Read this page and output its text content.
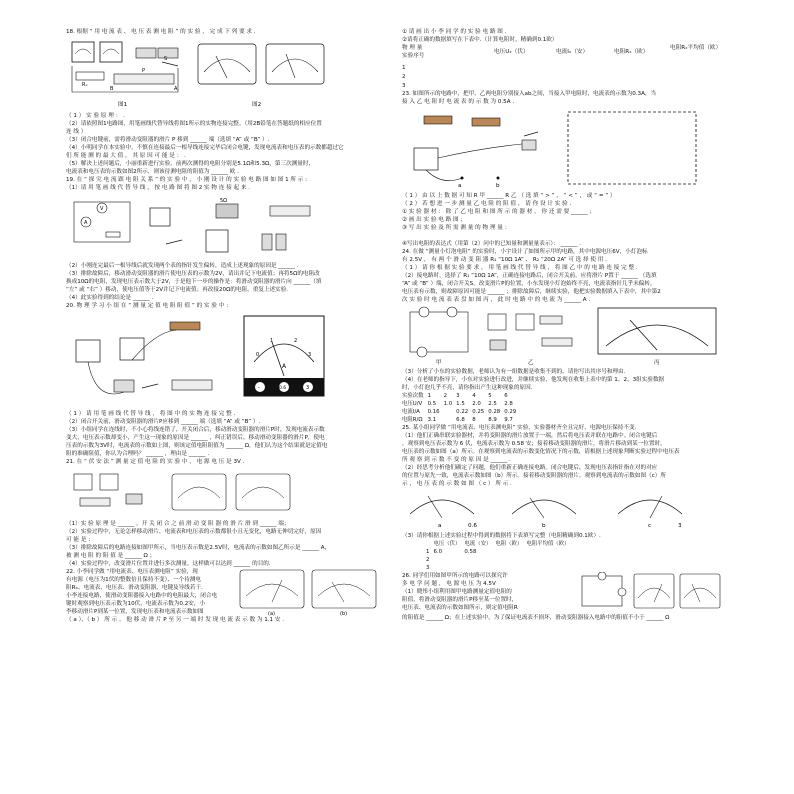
18. 根据 “ 用 电 流 表 、 电 压 表 测 电 阻 ” 的 实 验 ， 完 成 下 列 要 求 .
S
P
B	A
Rₓ
图1	图2
（ 1 ） 实 验 原 理 ： .
（2）请依照图1电路图，用笔画线代替导线将图1所示的实物连接完整。（用2B铅笔在答题纸的相应位置
连 线 ）
（3）闭合电键前，需将滑动变阻器的滑片 P 移到 ______ 端（选填 “A” 或 “B” ）.
（4）小明同学在本实验中，不慎在连接最后一根导线连接完毕后闭合电键，发现电流表和电压表的示数都超过它
们 所 能 测 的 最 大 值 ， 其 原 因 可 能 是 ： .
（5）解决上述问题后，小丽重新进行实验，前两次测得的电阻分别是5.1Ω和5.3Ω，第三次测量时，
电流表和电压表的示数如图2所示，则该待测电阻的阻值为 ______ 欧 .
19. 在 “ 探 究 电 流 跟 电 阻 关 系 ” 的 实 验 中 ， 小 刚 设 计 的 实 验 电 路 图 如 图 1 所 示 :
（1）请 用 笔 画 线 代 替 导 线 ， 按 电 路 图 将 图 2 实 物 连 接 起 来 .
A
V
5Ω
（2）小刚连完最后一根导线后就发现两个表的指针发生偏转，造成上述现象的原因是 ______ .
（3）排除故障后，移动滑动变阻器的滑片使电压表的示数为2V，请出并记下电流值；再将5Ω的电阻改
换成10Ω的电阻，发现电压表示数大于2V，于是他下一步的操作是：将滑动变阻器的滑片向 ______（填
“左” 或 “右” ）移动，使电压值等于2V并记下电流值；再改接20Ω的电阻，重复上述实验.
（4）此实验得到的结论是 ______ .
20. 物 理 学 习 小 组 在 “ 测 量 定 值 电 阻 阻 值 ” 的 实 验 中 ：
0
1	2
3
A
-	0.6	3
（ 1 ） 请 用 笔 画 线 代 替 导 线 ， 将 图 中 的 实 物 连 接 完 整 .
（2）闭合开关前，滑动变阻器的滑片P应移到 ______ 端（选填 “A” 或 “B” ）.
（3）小组同学在连线时，不小心将线连错了，开关闭合后，移动滑动变阻器的滑片P时，发现电流表示数
变大，电压表示数却变小，产生这一现象的原因是 ______ ，纠正错误后，移动滑动变阻器的滑片P，使电
压表的示数为3V时，电流表的示数如上图，则该定值电阻阻值为 ______ Ω，他们认为这个结果就是定值电
阻的准确阻值，你认为合理吗？ ______ ，理由是 ______ .
21. 在 “ 伏 安 法 ” 测 量 定 值 电 阻 的 实 验 中 ， 电 源 电 压 是 3V .
（1）实 验 原 理 是 ______ ，开 关 闭 合 之 前 滑 动 变 阻 器 的 滑 片 滑 到 ______ 端；
（2）实验过程中，无论怎样移动滑片，电流表和电压表的示数都很小且无变化，电路无伸切完好，原因
可 能 是 ；
（3）排除故障后的电路连接如图甲所示，当电压表示数是2.5V时，电流表的示数如图乙所示是 ______ A，
被 测 电 阻 的 阻 值 是 ______ Ω ；
（4）实验过程中，改变滑片位置并进行多次测量，这样做可以达到 ______ 的目的.
22. 小李同学做 “用电流表、电压表测电阻” 实验，现
有电源（电压为1伏的整数倍且保持不变）、一个待测电
阻Rₓ、电流表、电压表、滑动变阻器、电键及导线若干.
小李连接电路，使滑动变阻器接入电路中的电阻最大，闭合电
键时观察到电压表示数为10伏，电流表示数为0.2安，小
李移动滑片P到某一位置，发现电压表和电流表示数如图	(a)	(b)
（ a ）、（ b ） 所 示 。 他 移 动 滑 片 P 至 另 一 端 时 发 现 电 流 表 示 数 为 1.1 安 .
① 请 画 出 小 李 同 学 的 实 验 电 路 图 .
②请将正确的数据填写在下表中.（计算电阻时，精确到0.1欧）
物 理 量
实验序号
电压Uₓ（伏）	电流Iₓ（安）	电阻Rₓ（欧）
电阻Rₓ平均值（欧）
1
2
3
23. 如图所示的电路中，把甲、乙两电阻分别接入ab之间，当接入甲电阻时，电流表的示数为0.3A，当
接 入 乙 电 阻 时 电 流 表 的 示 数 为 0.5A .
a	b
（ 1 ） 由 以 上 数 据 可 知 R 甲 ______ R 乙 （ 选 填 “ > ” ， “ < ” ， 或 “ = ” ）
（ 2 ） 若 想 进 一 步 测 量 乙 电 阻 的 阻 值 ， 请 你 设 计 实 验 .
① 实 验 器 材 ： 除 了 乙 电 阻 和 图 所 示 的 器 材 ， 你 还 需 要 ______ ；
② 画 出 实 验 电 路 图 ；
③ 写 出 实 验 及 所 需 测 量 的 物 理 量 ：
④写出电阻的表达式（用第（2）问中的已知量和测量量表示）： ______ .
24. 在做 “测量小灯泡电阻” 的实验时，小宇设计了如图所示甲的电路，其中电源电压6V，小灯泡标
有 2.5V ， 有 两 个 滑 动 变 阻 器 R₁ “10Ω 1A” 、 R₂ “20Ω 2A” 可 选 择 使 用 .
（ 1 ） 请 你 根 据 实 验 要 求 ， 用 笔 画 线 代 替 导 线 ， 将 图 乙 中 的 电 路 连 接 完 整 .
（2）接电路时，选择了 R₁ “10Ω 1A”，正确连接电路后，闭合开关前，应将滑片 P置于 ______ （选填
“A” 或 “B” ）端，闭合开关S，改变滑片P的位置，小东发现小灯泡始终不亮，电流表指针几乎未偏转，
电压表有示数，则故障原因可能是 ______ ；排除故障后，继续实验，他把实验数据填入下表中，其中第2
次 实 验 时 电 流 表 表 盘 如 图 丙 ， 此 时 电 路 中 的 电 流 为 ______ A .
甲	乙	丙
（3）分析了小东的实验数据，老师认为有一组数据是收集不到的，请你写出其序号和理由.
（4）在老师的指导下，小东对实验进行改进，并继续实验，他发现在收集上表中的第 1、2、3组实验数据
时，小灯泡几乎不亮，请你指出产生这种现象的原因.
实验次数	1	2	3	4	5	6
电压U/V	0.5	1.0	1.5	2.0	2.5	2.8
电流I/A	0.16		0.22	0.25	0.28	0.29
电阻R/Ω	3.1		6.8	8	8.9	9.7
25. 某小组同学做 “用电流表、电压表测电阻” 实验，实验器材齐全且完好，电源电压保持不变.
（1）他们正确串联实验器材，并将变阻器的滑片放置于一端，然后将电压表并联在电路中。闭合电键后
，观察到电压表示数为 6 伏，电流表示数为 0.58 安；接着移动变阻器的滑片，将滑片移动到某一位置时，
电压表的示数如图（a）所示。在观察到电流表的示数变化情况下的示数，请根据上述现象判断实验过程中电压表
所 观 察 到 示 数 不 变 的 原 因 是 ______ .
（2）经思考分析他们确定了问题，他们重新正确连接电路。闭合电键后，发现电压表指针指在对的对应
的位置与原先一致，电流表示数如图（b）所示。接着移动变阻器的滑片，观察到电流表的示数如图（c）所
示 ， 电 压 表 的 示 数 如 图 （ c ） 所 示 .
a	0.6	b	c	3
（3）请你根据上述实验过程中得到的数据将下表填写完整（电阻精确到0.1欧）.
	电压（伏）	电流（安）	电阻（欧）	电阻平均值（欧）
1	6.0	0.58		
2				
3				
26. 同学们用如图甲所示的电路可以探究许
多 电 学 问 题 ， 电 源 电 压 为 4.5V
（1）晓彤小组利用图甲电路测量定值电阻的
阻值，将滑动变阻器的滑片P移至某一位置时，
电压表、电流表的示数如图所示，则定值电阻R
的阻值是 ______ Ω；在上述实验中，为了保证电流表不损坏，滑动变阻器接入电路中的阻值不小于 ______ Ω
